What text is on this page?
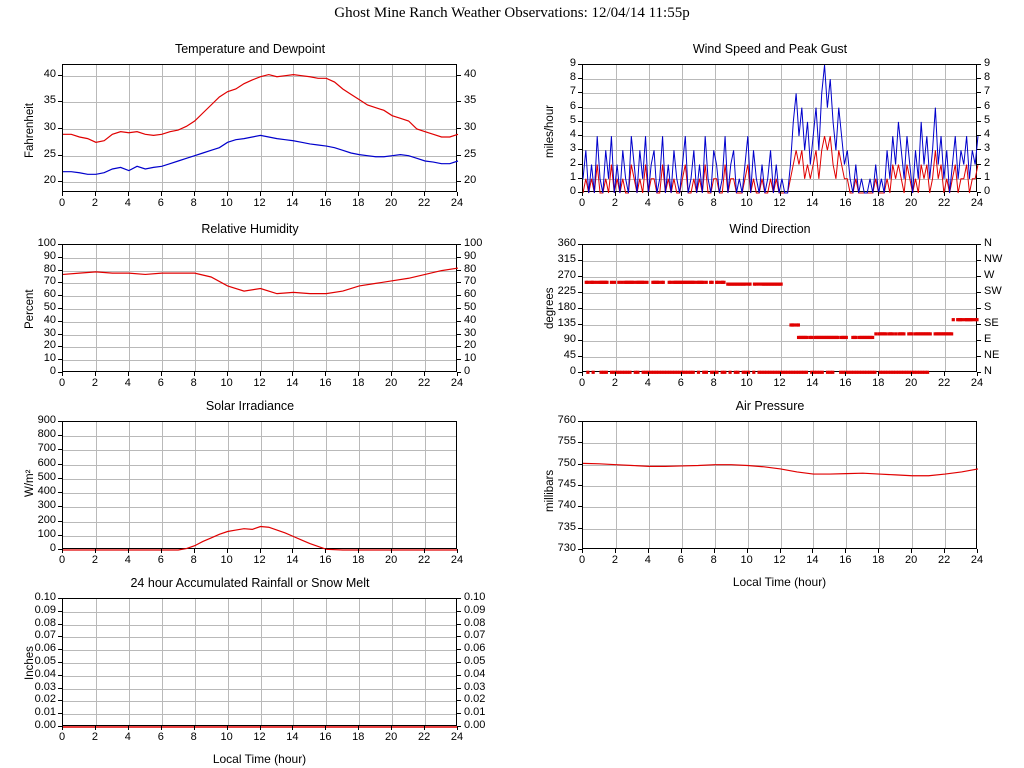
Ghost Mine Ranch Weather Observations: 12/04/14 11:55p
Temperature and Dewpoint
0	2	4	6	8	10	12	14	16	18	20	22	24
20	20
25	25
30	30
35	35
40	40
Fahrenheit
Wind Speed and Peak Gust
0	2	4	6	8	10	12	14	16	18	20	22	24
0	0
1	1
2	2
3	3
4	4
5	5
6	6
7	7
8	8
9	9
miles/hour
Relative Humidity
0	2	4	6	8	10	12	14	16	18	20	22	24
0	0
10	10
20	20
30	30
40	40
50	50
60	60
70	70
80	80
90	90
100	100
Percent
Wind Direction
0	2	4	6	8	10	12	14	16	18	20	22	24
0	N
45	NE
90	E
135	SE
180	S
225	SW
270	W
315	NW
360	N
degrees
Solar Irradiance
0	2	4	6	8	10	12	14	16	18	20	22	24
0
100
200
300
400
500
600
700
800
900
W/m²
Air Pressure
0	2	4	6	8	10	12	14	16	18	20	22	24
730
735
740
745
750
755
760
millibars
Local Time (hour)
24 hour Accumulated Rainfall or Snow Melt
0	2	4	6	8	10	12	14	16	18	20	22	24
0.00	0.00
0.01	0.01
0.02	0.02
0.03	0.03
0.04	0.04
0.05	0.05
0.06	0.06
0.07	0.07
0.08	0.08
0.09	0.09
0.10	0.10
Inches
Local Time (hour)
